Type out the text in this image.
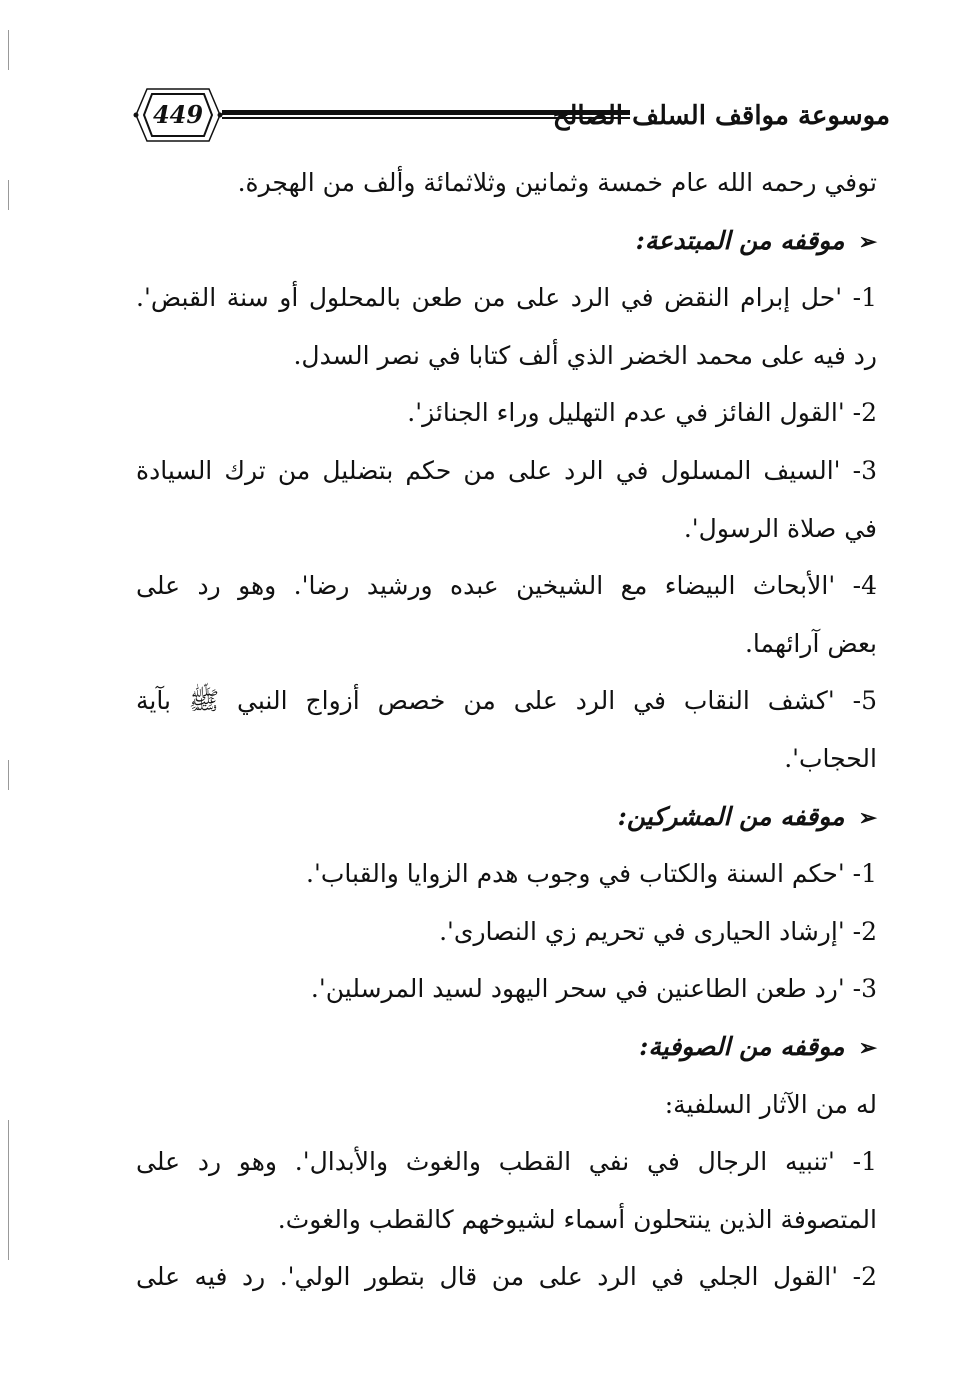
449	موسوعة مواقف السلف الصالح
توفي رحمه الله عام خمسة وثمانين وثلاثمائة وألف من الهجرة.
➢موقفه من المبتدعة:
1- 'حل إبرام النقض في الرد على من طعن بالمحلول أو سنة القبض'.
رد فيه على محمد الخضر الذي ألف كتابا في نصر السدل.
2- 'القول الفائز في عدم التهليل وراء الجنائز'.
3- 'السيف المسلول في الرد على من حكم بتضليل من ترك السيادة
في صلاة الرسول'.
4- 'الأبحاث البيضاء مع الشيخين عبده ورشيد رضا'. وهو رد على
بعض آرائهما.
5- 'كشف النقاب في الرد على من خصص أزواج النبي ﷺ بآية
الحجاب'.
➢موقفه من المشركين:
1- 'حكم السنة والكتاب في وجوب هدم الزوايا والقباب'.
2- 'إرشاد الحيارى في تحريم زي النصارى'.
3- 'رد طعن الطاعنين في سحر اليهود لسيد المرسلين'.
➢موقفه من الصوفية:
له من الآثار السلفية:
1- 'تنبيه الرجال في نفي القطب والغوث والأبدال'. وهو رد على
المتصوفة الذين ينتحلون أسماء لشيوخهم كالقطب والغوث.
2- 'القول الجلي في الرد على من قال بتطور الولي'. رد فيه على
